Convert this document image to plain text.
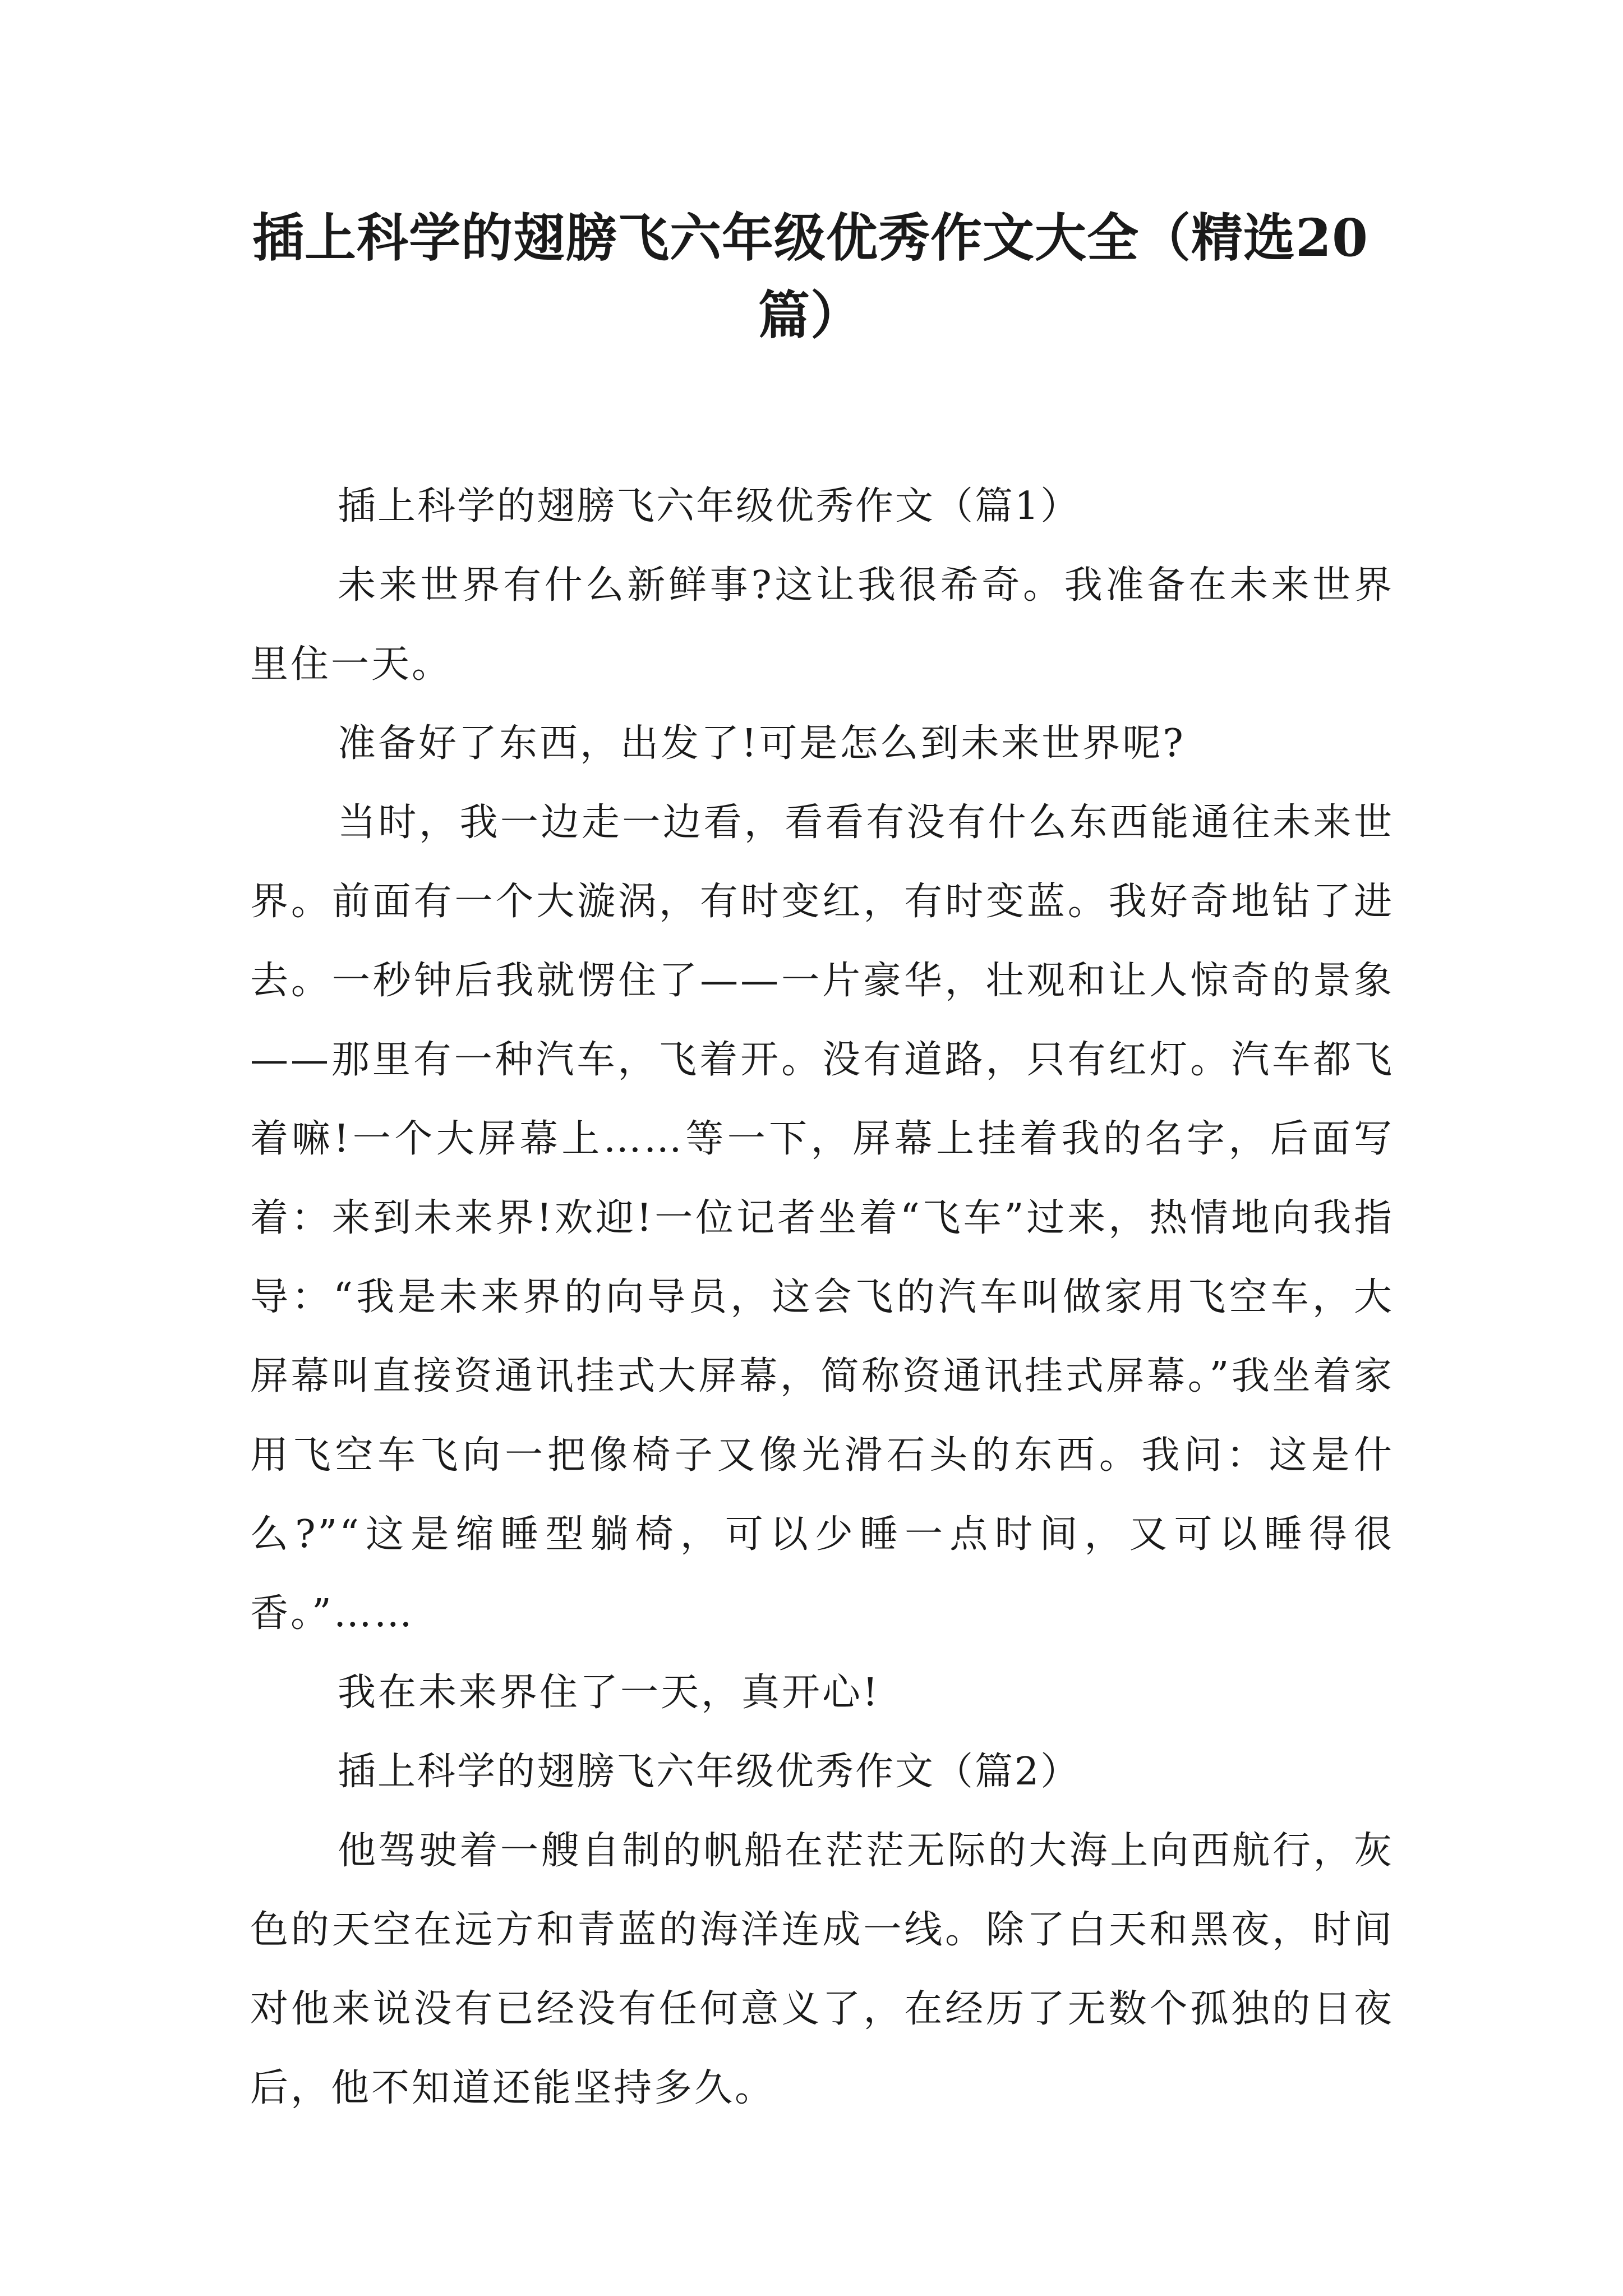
插上科学的翅膀飞六年级优秀作文大全（精选20篇）

插上科学的翅膀飞六年级优秀作文（篇1）

未来世界有什么新鲜事?这让我很希奇。我准备在未来世界里住一天。

准备好了东西，出发了!可是怎么到未来世界呢?

当时，我一边走一边看，看看有没有什么东西能通往未来世界。前面有一个大漩涡，有时变红，有时变蓝。我好奇地钻了进去。一秒钟后我就愣住了——一片豪华，壮观和让人惊奇的景象——那里有一种汽车，飞着开。没有道路，只有红灯。汽车都飞着嘛!一个大屏幕上……等一下，屏幕上挂着我的名字，后面写着：来到未来界!欢迎!一位记者坐着“飞车”过来，热情地向我指导：“我是未来界的向导员，这会飞的汽车叫做家用飞空车，大屏幕叫直接资通讯挂式大屏幕，简称资通讯挂式屏幕。”我坐着家用飞空车飞向一把像椅子又像光滑石头的东西。我问：这是什么?”“这是缩睡型躺椅，可以少睡一点时间，又可以睡得很香。”……

我在未来界住了一天，真开心!

插上科学的翅膀飞六年级优秀作文（篇2）

他驾驶着一艘自制的帆船在茫茫无际的大海上向西航行，灰色的天空在远方和青蓝的海洋连成一线。除了白天和黑夜，时间对他来说没有已经没有任何意义了，在经历了无数个孤独的日夜后，他不知道还能坚持多久。
